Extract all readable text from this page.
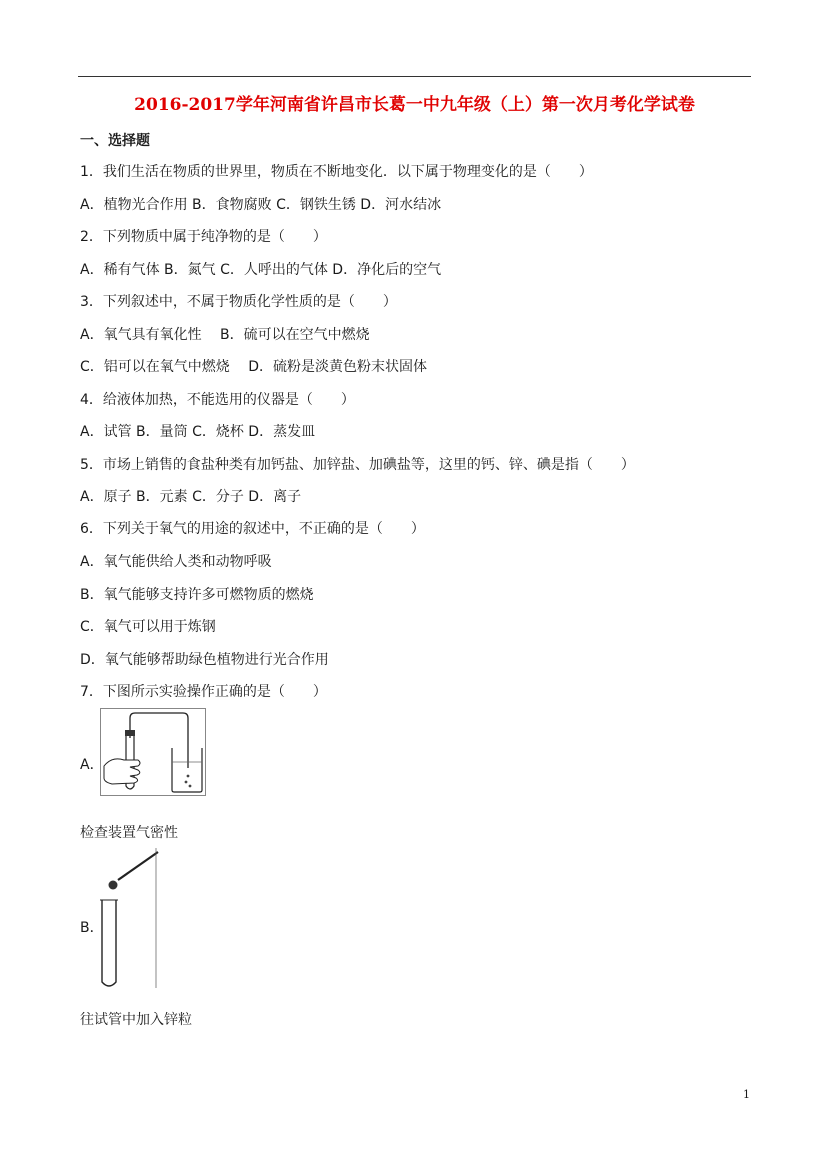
2016-2017学年河南省许昌市长葛一中九年级（上）第一次月考化学试卷
一、选择题
1．我们生活在物质的世界里，物质在不断地变化．以下属于物理变化的是（　　）
A．植物光合作用 B．食物腐败 C．钢铁生锈 D．河水结冰
2．下列物质中属于纯净物的是（　　）
A．稀有气体 B．氮气 C．人呼出的气体 D．净化后的空气
3．下列叙述中，不属于物质化学性质的是（　　）
A．氧气具有氧化性　 B．硫可以在空气中燃烧
C．铝可以在氧气中燃烧　 D．硫粉是淡黄色粉末状固体
4．给液体加热，不能选用的仪器是（　　）
A．试管 B．量筒 C．烧杯 D．蒸发皿
5．市场上销售的食盐种类有加钙盐、加锌盐、加碘盐等，这里的钙、锌、碘是指（　　）
A．原子 B．元素 C．分子 D．离子
6．下列关于氧气的用途的叙述中，不正确的是（　　）
A．氧气能供给人类和动物呼吸
B．氧气能够支持许多可燃物质的燃烧
C．氧气可以用于炼钢
D．氧气能够帮助绿色植物进行光合作用
7．下图所示实验操作正确的是（　　）
A．
检查装置气密性
B．
往试管中加入锌粒
1
